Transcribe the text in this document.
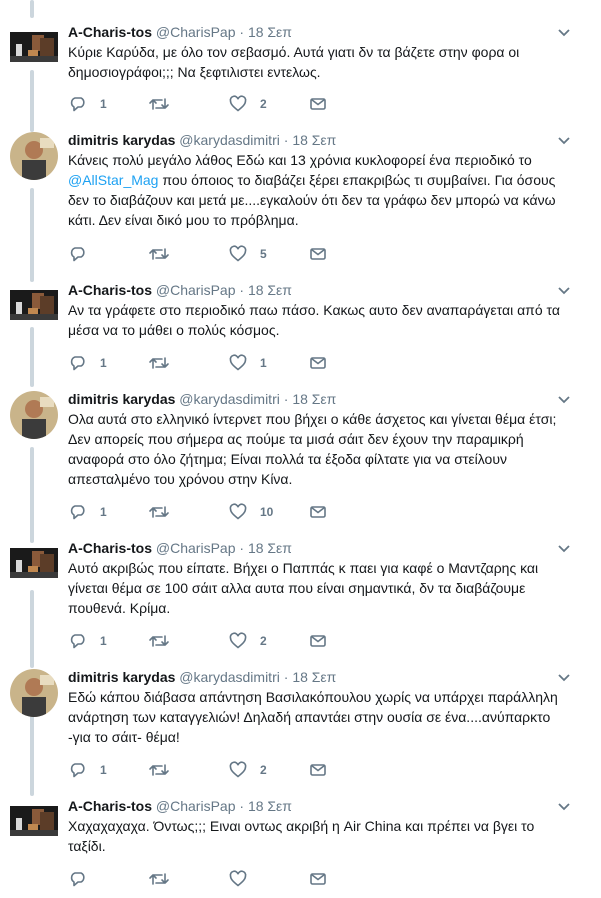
A-Charis-tos @CharisPap · 18 Σεπ
Κύριε Καρύδα, με όλο τον σεβασμό. Αυτά γιατι δν τα βάζετε στην φορα οι δημοσιογράφοι;;; Να ξεφτιλιστει εντελως.
1	2
dimitris karydas @karydasdimitri · 18 Σεπ
Κάνεις πολύ μεγάλο λάθος Εδώ και 13 χρόνια κυκλοφορεί ένα περιοδικό το @AllStar_Mag που όποιος το διαβάζει ξέρει επακριβώς τι συμβαίνει. Για όσους δεν το διαβάζουν και μετά με....εγκαλούν ότι δεν τα γράφω δεν μπορώ να κάνω κάτι. Δεν είναι δικό μου το πρόβλημα.
5
A-Charis-tos @CharisPap · 18 Σεπ
Αν τα γράφετε στο περιοδικό παω πάσο. Κακως αυτο δεν αναπαράγεται από τα μέσα να το μάθει ο πολύς κόσμος.
1	1
dimitris karydas @karydasdimitri · 18 Σεπ
Ολα αυτά στο ελληνικό ίντερνετ που βήχει ο κάθε άσχετος και γίνεται θέμα έτσι; Δεν απορείς που σήμερα ας πούμε τα μισά σάιτ δεν έχουν την παραμικρή αναφορά στο όλο ζήτημα; Είναι πολλά τα έξοδα φίλτατε για να στείλουν απεσταλμένο του χρόνου στην Κίνα.
1	10
A-Charis-tos @CharisPap · 18 Σεπ
Αυτό ακριβώς που είπατε. Βήχει ο Παππάς κ παει για καφέ ο Μαντζαρης και γίνεται θέμα σε 100 σάιτ αλλα αυτα που είναι σημαντικά, δν τα διαβάζουμε πουθενά. Κρίμα.
1	2
dimitris karydas @karydasdimitri · 18 Σεπ
Εδώ κάπου διάβασα απάντηση Βασιλακόπουλου χωρίς να υπάρχει παράλληλη ανάρτηση των καταγγελιών! Δηλαδή απαντάει στην ουσία σε ένα....ανύπαρκτο -για το σάιτ- θέμα!
1	2
A-Charis-tos @CharisPap · 18 Σεπ
Χαχαχαχαχα. Όντως;;; Ειναι οντως ακριβή η Air China και πρέπει να βγει το ταξίδι.
